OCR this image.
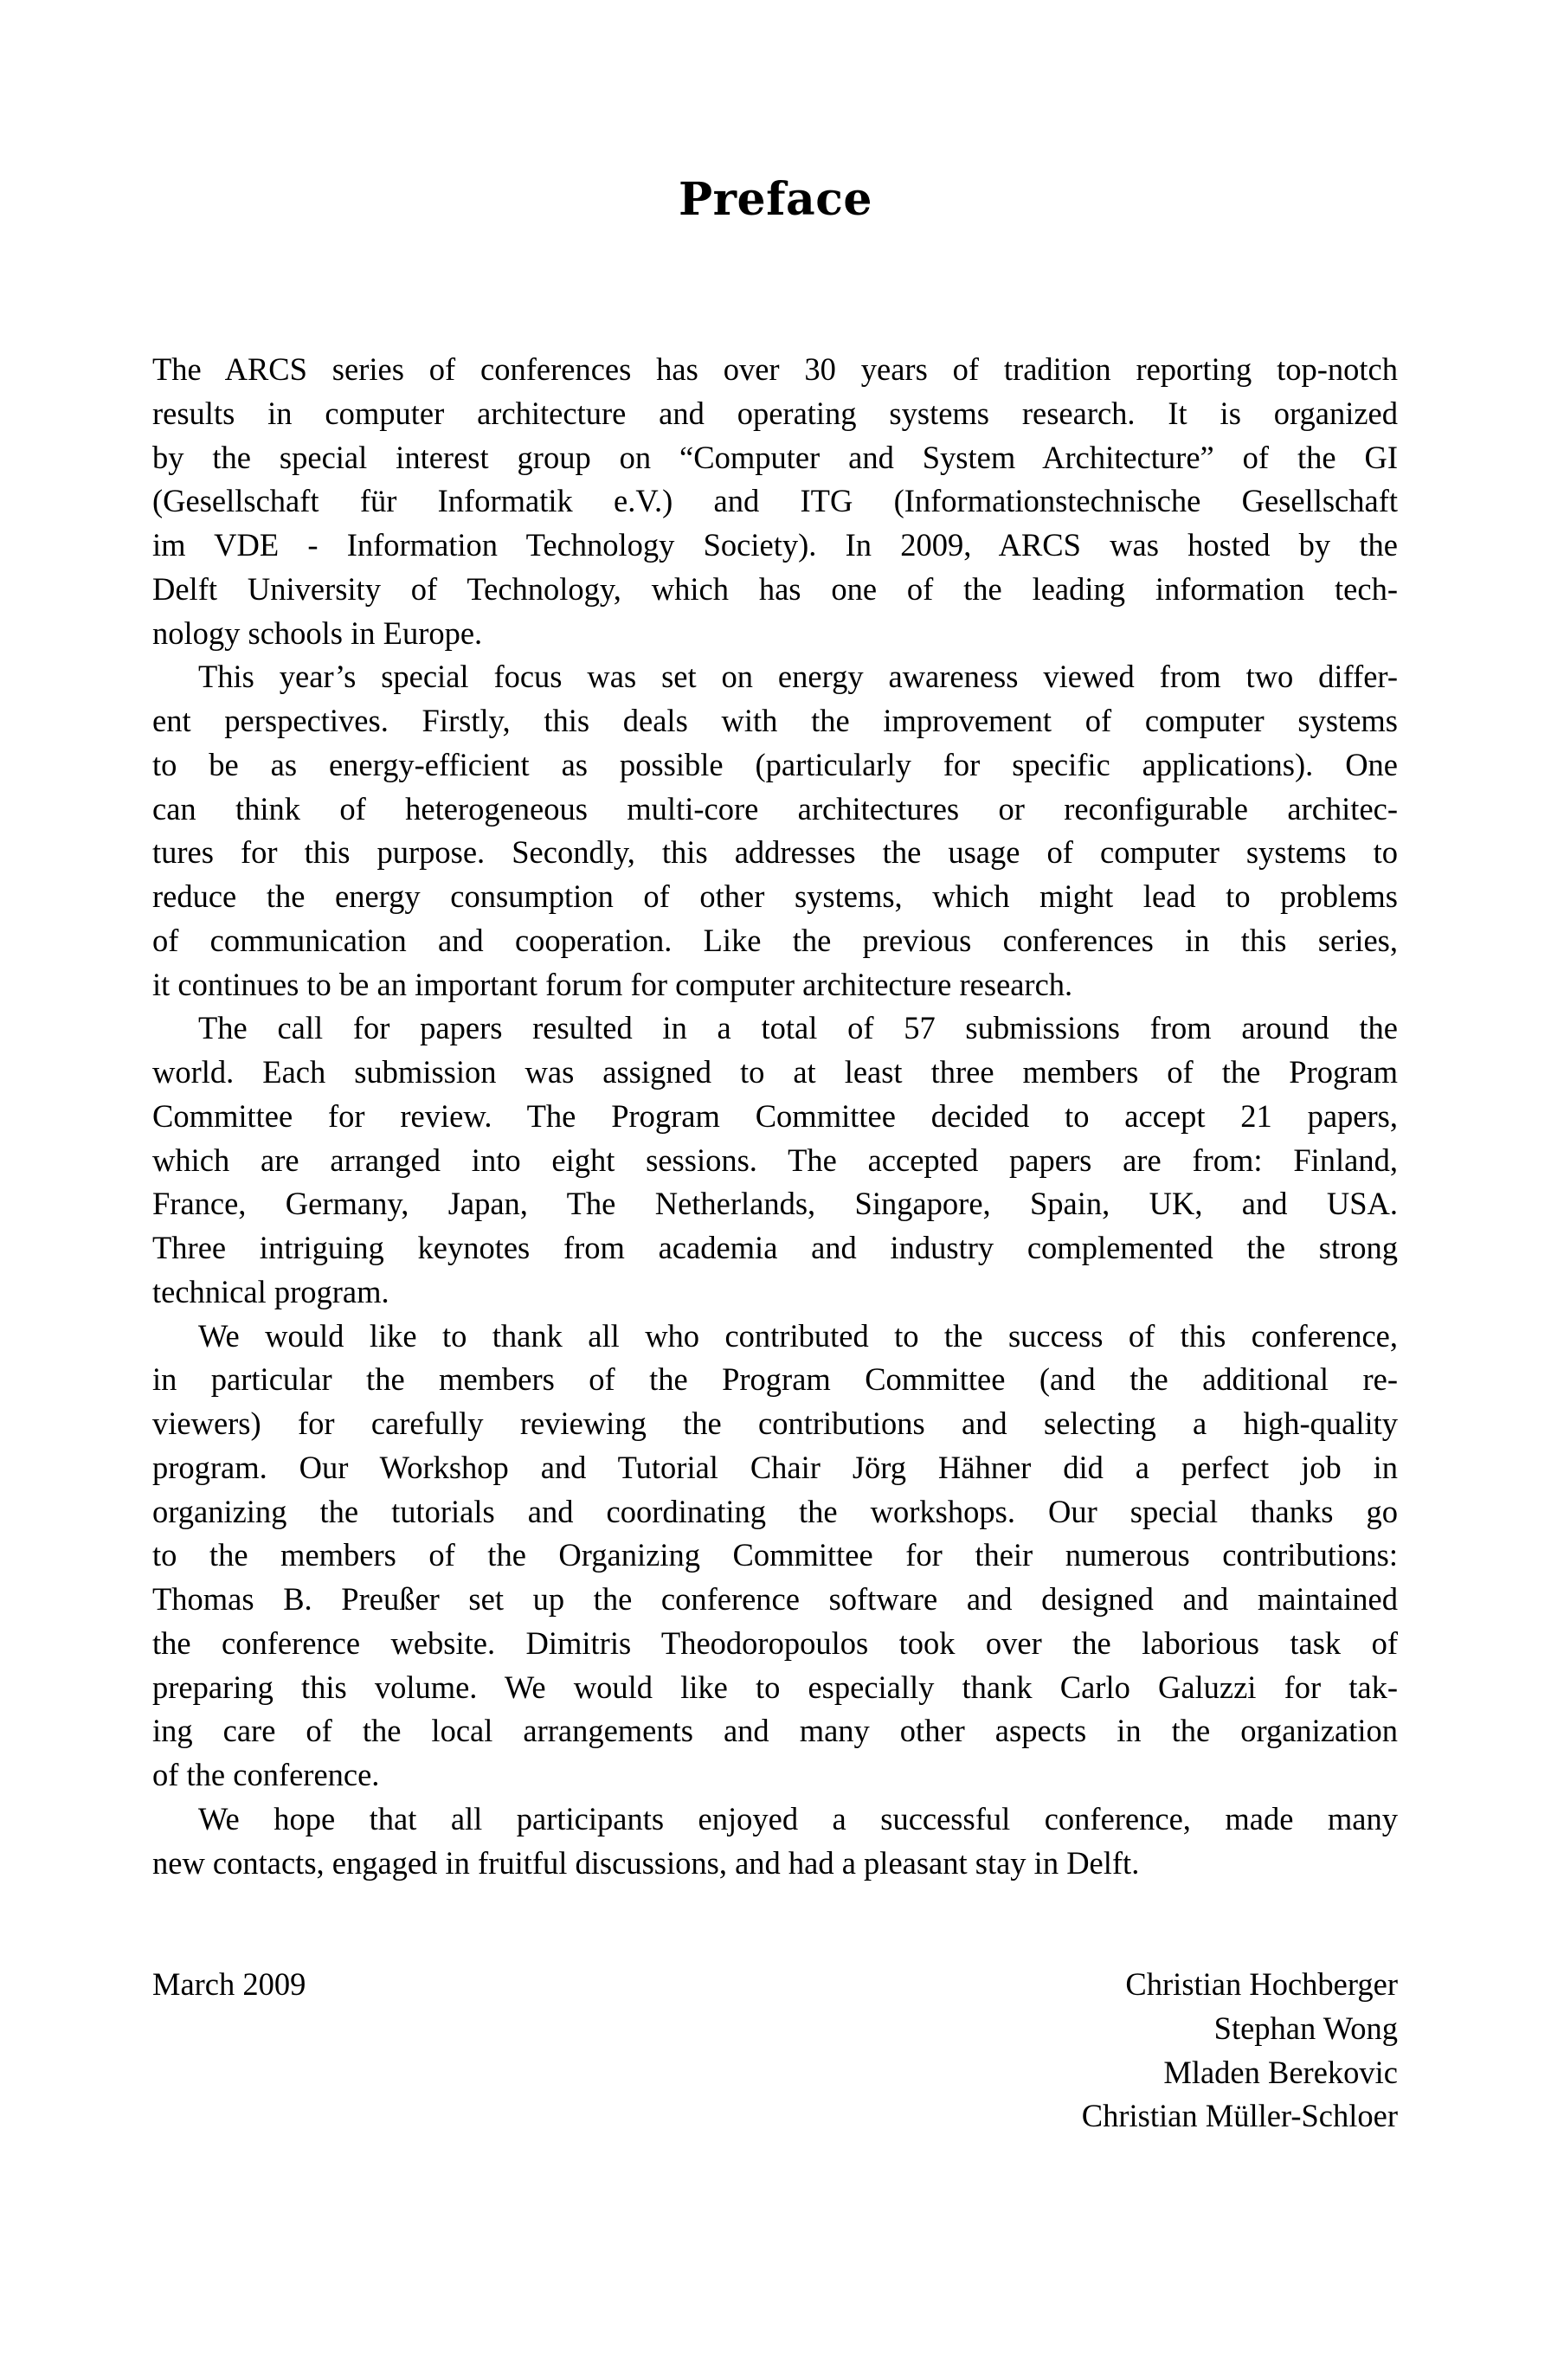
Preface
The ARCS series of conferences has over 30 years of tradition reporting top-notch
results in computer architecture and operating systems research. It is organized
by the special interest group on “Computer and System Architecture” of the GI
(Gesellschaft für Informatik e.V.) and ITG (Informationstechnische Gesellschaft
im VDE - Information Technology Society). In 2009, ARCS was hosted by the
Delft University of Technology, which has one of the leading information tech-
nology schools in Europe.
This year’s special focus was set on energy awareness viewed from two differ-
ent perspectives. Firstly, this deals with the improvement of computer systems
to be as energy-efficient as possible (particularly for specific applications). One
can think of heterogeneous multi-core architectures or reconfigurable architec-
tures for this purpose. Secondly, this addresses the usage of computer systems to
reduce the energy consumption of other systems, which might lead to problems
of communication and cooperation. Like the previous conferences in this series,
it continues to be an important forum for computer architecture research.
The call for papers resulted in a total of 57 submissions from around the
world. Each submission was assigned to at least three members of the Program
Committee for review. The Program Committee decided to accept 21 papers,
which are arranged into eight sessions. The accepted papers are from: Finland,
France, Germany, Japan, The Netherlands, Singapore, Spain, UK, and USA.
Three intriguing keynotes from academia and industry complemented the strong
technical program.
We would like to thank all who contributed to the success of this conference,
in particular the members of the Program Committee (and the additional re-
viewers) for carefully reviewing the contributions and selecting a high-quality
program. Our Workshop and Tutorial Chair Jörg Hähner did a perfect job in
organizing the tutorials and coordinating the workshops. Our special thanks go
to the members of the Organizing Committee for their numerous contributions:
Thomas B. Preußer set up the conference software and designed and maintained
the conference website. Dimitris Theodoropoulos took over the laborious task of
preparing this volume. We would like to especially thank Carlo Galuzzi for tak-
ing care of the local arrangements and many other aspects in the organization
of the conference.
We hope that all participants enjoyed a successful conference, made many
new contacts, engaged in fruitful discussions, and had a pleasant stay in Delft.
March 2009	Christian Hochberger
Stephan Wong
Mladen Berekovic
Christian Müller-Schloer
